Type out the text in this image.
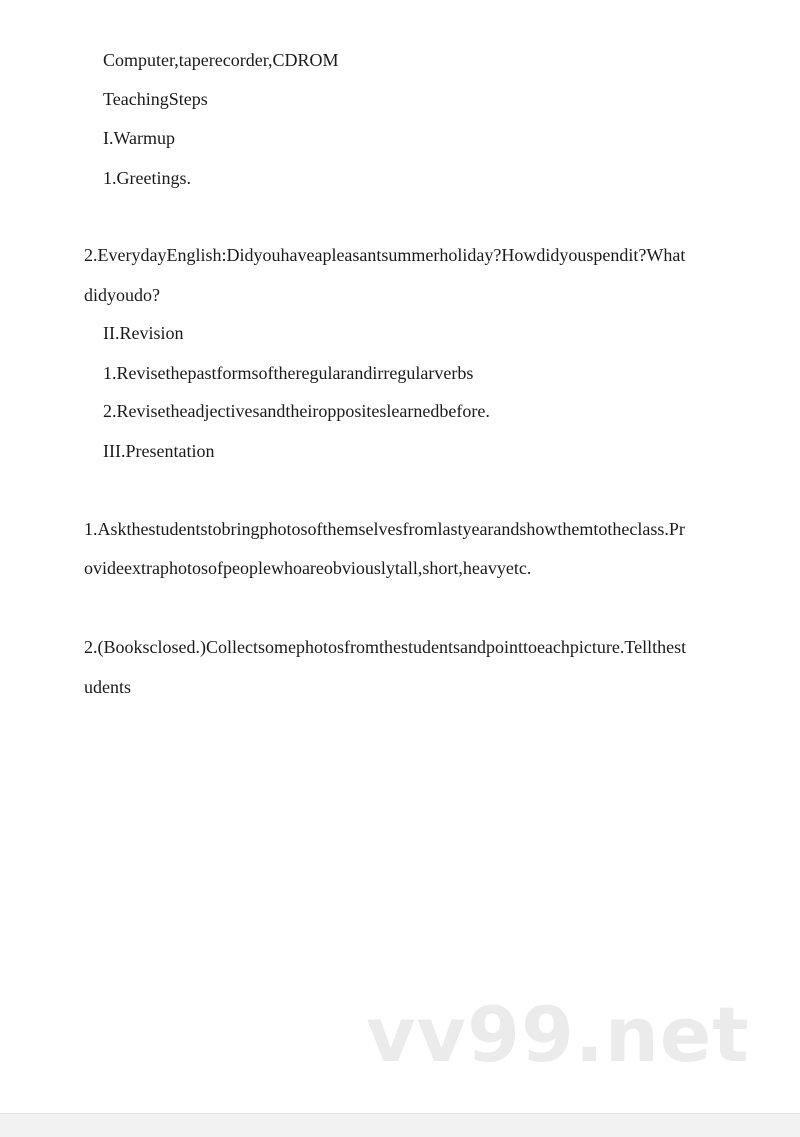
Computer,taperecorder,CDROM
TeachingSteps
I.Warmup
1.Greetings.
2.EverydayEnglish:Didyouhaveapleasantsummerholiday?Howdidyouspendit?What
didyoudo?
II.Revision
1.Revisethepastformsoftheregularandirregularverbs
2.Revisetheadjectivesandtheiroppositeslearnedbefore.
III.Presentation
1.Askthestudentstobringphotosofthemselvesfromlastyearandshowthemtotheclass.Pr
ovideextraphotosofpeoplewhoareobviouslytall,short,heavyetc.
2.(Booksclosed.)Collectsomephotosfromthestudentsandpointtoeachpicture.Tellthest
udents
vv99.net
